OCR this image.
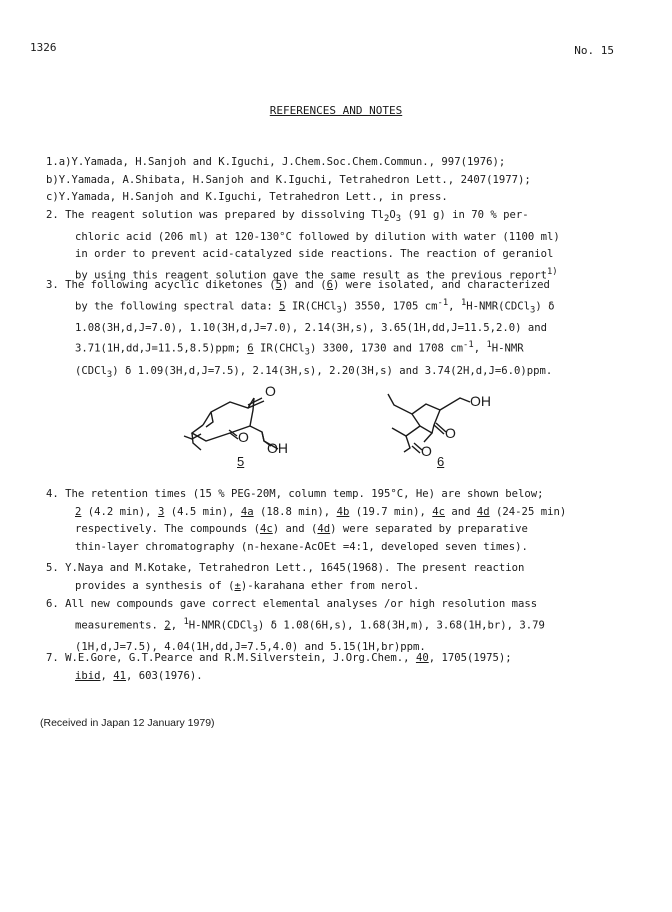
1326	No. 15
REFERENCES AND NOTES
1.a)Y.Yamada, H.Sanjoh and K.Iguchi, J.Chem.Soc.Chem.Commun., 997(1976);
b)Y.Yamada, A.Shibata, H.Sanjoh and K.Iguchi, Tetrahedron Lett., 2407(1977);
c)Y.Yamada, H.Sanjoh and K.Iguchi, Tetrahedron Lett., in press.
2. The reagent solution was prepared by dissolving $Tl_2O_3$ (91 g) in 70 % per-
chloric acid (206 ml) at 120-130°C followed by dilution with water (1100 ml)
in order to prevent acid-catalyzed side reactions. The reaction of geraniol
by using this reagent solution gave the same result as the previous report$^{1)}$
3. The following acyclic diketones (5) and (6) were isolated, and characterized
by the following spectral data: 5 IR(CHCl$_3$) 3550, 1705 $cm^{-1}$, $^1$H-NMR(CDCl$_3$) δ
1.08(3H,d,J=7.0), 1.10(3H,d,J=7.0), 2.14(3H,s), 3.65(1H,dd,J=11.5,2.0) and
3.71(1H,dd,J=11.5,8.5)ppm; 6 IR(CHCl$_3$) 3300, 1730 and 1708 $cm^{-1}$, $^1$H-NMR
(CDCl$_3$) δ 1.09(3H,d,J=7.5), 2.14(3H,s), 2.20(3H,s) and 3.74(2H,d,J=6.0)ppm.
O
O
OH
5
OH
O
O
6
4. The retention times (15 % PEG-20M, column temp. 195°C, He) are shown below;
2 (4.2 min), 3 (4.5 min), 4a (18.8 min), 4b (19.7 min), 4c and 4d (24-25 min)
respectively. The compounds (4c) and (4d) were separated by preparative
thin-layer chromatography (n-hexane-AcOEt =4:1, developed seven times).
5. Y.Naya and M.Kotake, Tetrahedron Lett., 1645(1968). The present reaction
provides a synthesis of (±)-karahana ether from nerol.
6. All new compounds gave correct elemental analyses /or high resolution mass
measurements. 2, $^1$H-NMR(CDCl$_3$) δ 1.08(6H,s), 1.68(3H,m), 3.68(1H,br), 3.79
(1H,d,J=7.5), 4.04(1H,dd,J=7.5,4.0) and 5.15(1H,br)ppm.
7. W.E.Gore, G.T.Pearce and R.M.Silverstein, J.Org.Chem., 40, 1705(1975);
ibid, 41, 603(1976).
(Received in Japan 12 January 1979)
